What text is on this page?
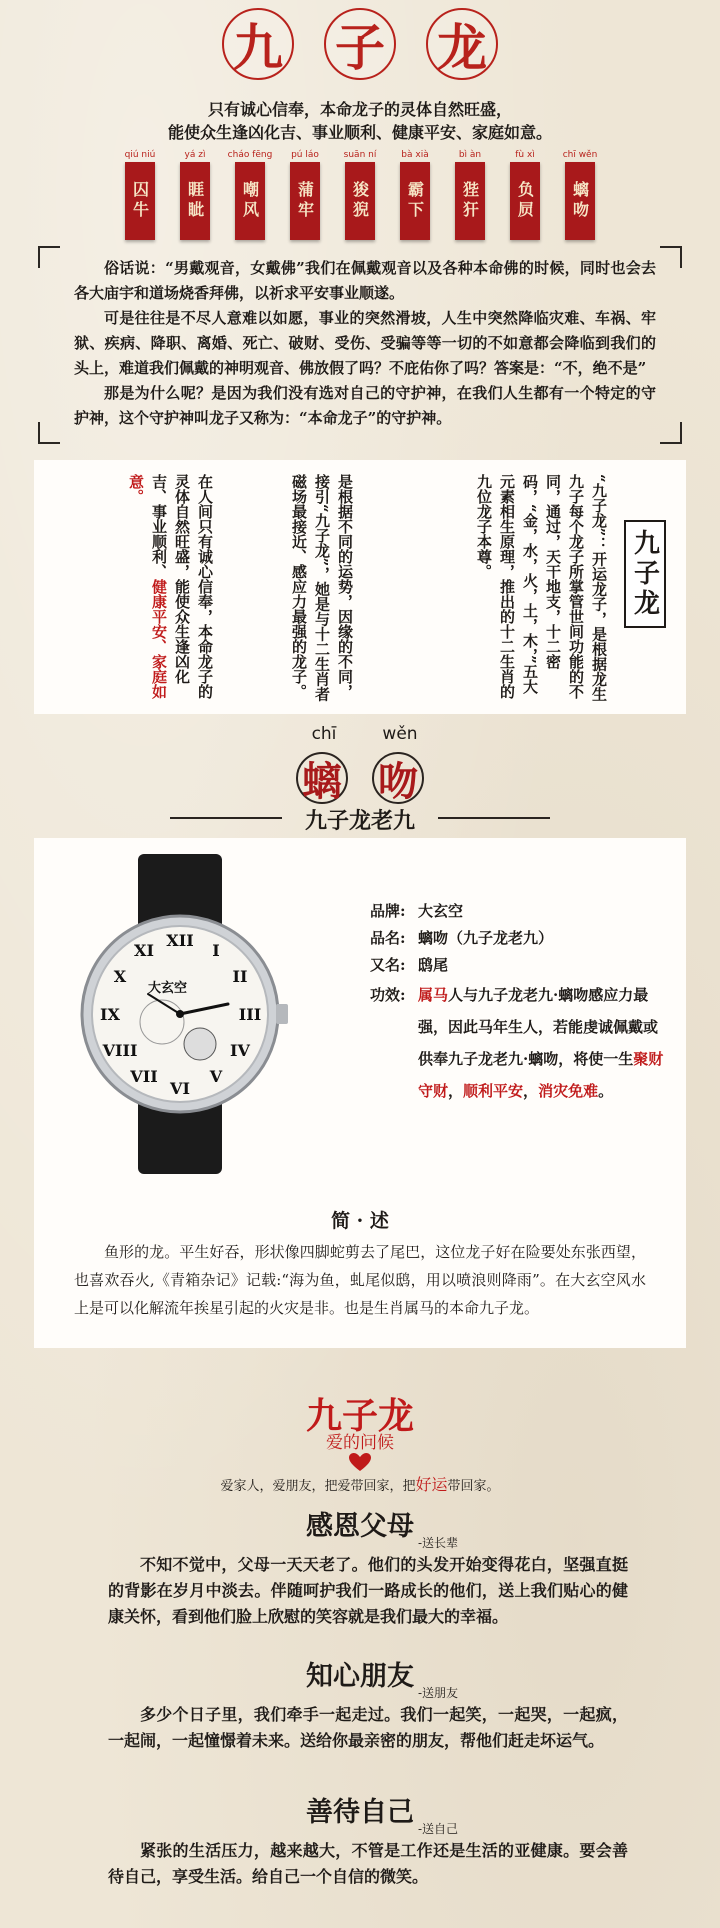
九 子 龙
只有诚心信奉，本命龙子的灵体自然旺盛，
能使众生逢凶化吉、事业顺利、健康平安、家庭如意。
qiú niú
囚牛
yá zì
睚眦
cháo fēng
嘲风
pú láo
蒲牢
suān ní
狻猊
bà xià
霸下
bì àn
狴犴
fù xì
负屃
chī wěn
螭吻

俗话说：“男戴观音，女戴佛”我们在佩戴观音以及各种本命佛的时候，同时也会去各大庙宇和道场烧香拜佛，以祈求平安事业顺遂。

可是往往是不尽人意难以如愿，事业的突然滑坡，人生中突然降临灾难、车祸、牢狱、疾病、降职、离婚、死亡、破财、受伤、受骗等等一切的不如意都会降临到我们的头上，难道我们佩戴的神明观音、佛放假了吗？不庇佑你了吗？答案是：“不，绝不是”

那是为什么呢？是因为我们没有选对自己的守护神，在我们人生都有一个特定的守护神，这个守护神叫龙子又称为：“本命龙子”的守护神。

九子龙
“九子龙”：开运龙子，是根据龙生九子每个龙子所掌管世间功能的不同，通过，天干地支，十二密码，“金，水，火，土，木，”五大元素相生原理，推出的十二生肖的九位龙子本尊。
是根据不同的运势，因缘的不同，接引“九子龙”，她是与十二生肖者磁场最接近、感应力最强的龙子。
在人间只有诚心信奉，本命龙子的灵体自然旺盛，能使众生逢凶化吉、事业顺利、健康平安、家庭如意。
chī
螭
wěn
吻
九子龙老九
XII
I
II
III
IV
V
VI
VII
VIII
IX
X
XI
大玄空
品牌: 大玄空
品名: 螭吻（九子龙老九）
又名: 鸱尾
功效: 属马人与九子龙老九·螭吻感应力最强，因此马年生人，若能虔诚佩戴或供奉九子龙老九·螭吻，将使一生聚财守财，顺利平安，消灾免难。
简 · 述

鱼形的龙。平生好吞，形状像四脚蛇剪去了尾巴，这位龙子好在险要处东张西望，也喜欢吞火,《青箱杂记》记载:“海为鱼，虬尾似鸱，用以喷浪则降雨”。在大玄空风水上是可以化解流年挨星引起的火灾是非。也是生肖属马的本命九子龙。

九子龙
爱的问候
爱家人，爱朋友，把爱带回家，把好运带回家。
感恩父母
-送长辈

不知不觉中，父母一天天老了。他们的头发开始变得花白，坚强直挺的背影在岁月中淡去。伴随呵护我们一路成长的他们，送上我们贴心的健康关怀，看到他们脸上欣慰的笑容就是我们最大的幸福。

知心朋友
-送朋友

多少个日子里，我们牵手一起走过。我们一起笑，一起哭，一起疯，一起闹，一起憧憬着未来。送给你最亲密的朋友，帮他们赶走坏运气。

善待自己
-送自己

紧张的生活压力，越来越大，不管是工作还是生活的亚健康。要会善待自己，享受生活。给自己一个自信的微笑。
